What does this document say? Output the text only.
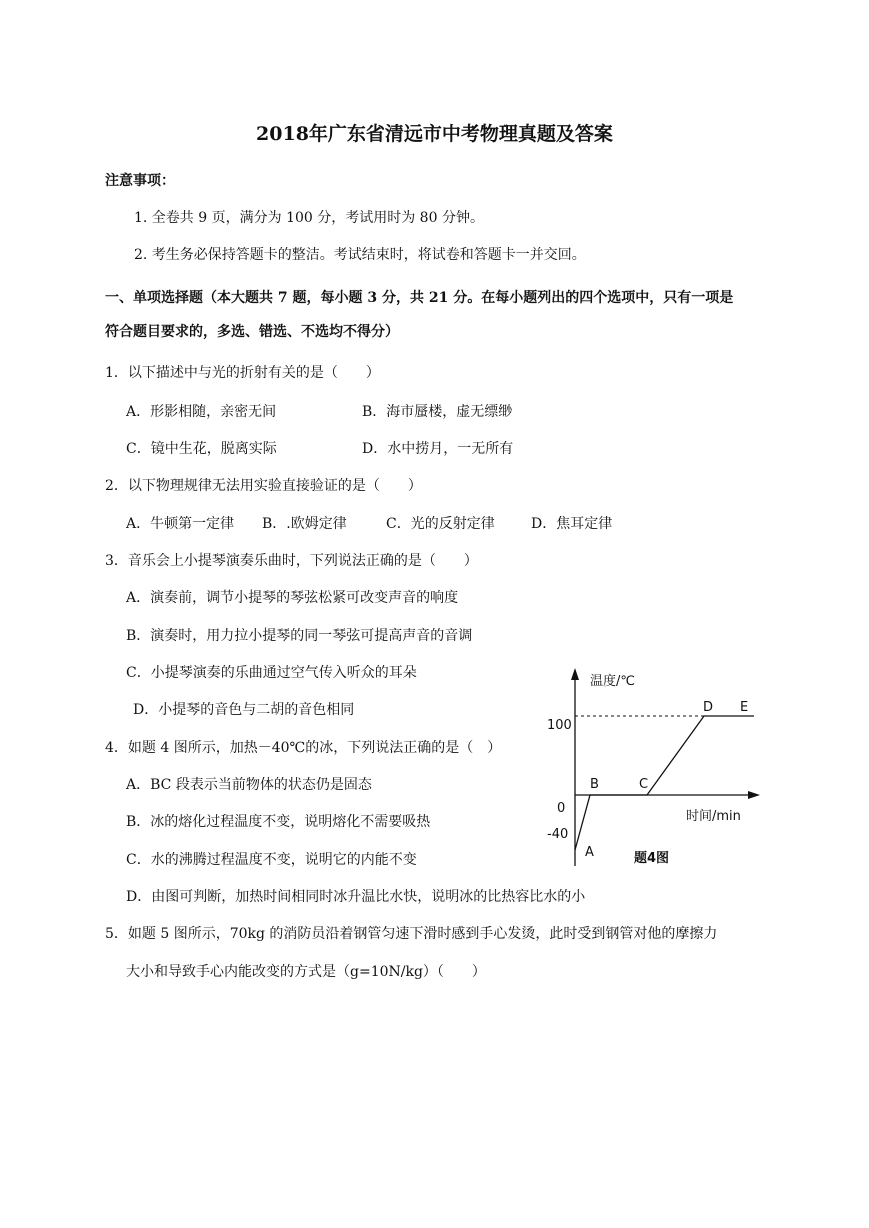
2018年广东省清远市中考物理真题及答案
注意事项：
1. 全卷共 9 页，满分为 100 分，考试用时为 80 分钟。
2. 考生务必保持答题卡的整洁。考试结束时，将试卷和答题卡一并交回。
一、单项选择题（本大题共 7 题，每小题 3 分，共 21 分。在每小题列出的四个选项中，只有一项是
符合题目要求的，多选、错选、不选均不得分）
1．以下描述中与光的折射有关的是（　　）
A．形影相随，亲密无间	B．海市蜃楼，虚无缥缈
C．镜中生花，脱离实际	D．水中捞月，一无所有
2．以下物理规律无法用实验直接验证的是（　　）
A．牛顿第一定律 B．.欧姆定律	C．光的反射定律	D．焦耳定律
3．音乐会上小提琴演奏乐曲时，下列说法正确的是（　　）
A．演奏前，调节小提琴的琴弦松紧可改变声音的响度
B．演奏时，用力拉小提琴的同一琴弦可提高声音的音调
C．小提琴演奏的乐曲通过空气传入听众的耳朵
D．小提琴的音色与二胡的音色相同
4．如题 4 图所示，加热－40℃的冰，下列说法正确的是（　）
A．BC 段表示当前物体的状态仍是固态
B．冰的熔化过程温度不变，说明熔化不需要吸热
C．水的沸腾过程温度不变，说明它的内能不变
D．由图可判断，加热时间相同时冰升温比水快，说明冰的比热容比水的小
5．如题 5 图所示，70kg 的消防员沿着钢管匀速下滑时感到手心发烫，此时受到钢管对他的摩擦力
大小和导致手心内能改变的方式是（g=10N/kg）（　　）
温度/℃
时间/min
100
0
-40
A
B	C
D E
题4图
